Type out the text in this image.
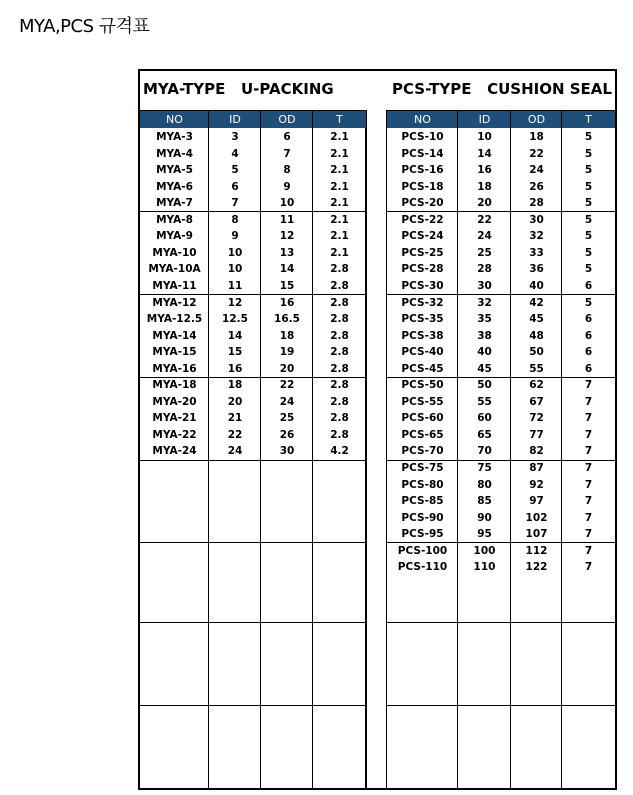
MYA,PCS 규격표
MYA-TYPE   U-PACKING	PCS-TYPE   CUSHION SEAL
NO	ID	OD	T
MYA-3	3	6	2.1
MYA-4	4	7	2.1
MYA-5	5	8	2.1
MYA-6	6	9	2.1
MYA-7	7	10	2.1
MYA-8	8	11	2.1
MYA-9	9	12	2.1
MYA-10	10	13	2.1
MYA-10A	10	14	2.8
MYA-11	11	15	2.8
MYA-12	12	16	2.8
MYA-12.5	12.5	16.5	2.8
MYA-14	14	18	2.8
MYA-15	15	19	2.8
MYA-16	16	20	2.8
MYA-18	18	22	2.8
MYA-20	20	24	2.8
MYA-21	21	25	2.8
MYA-22	22	26	2.8
MYA-24	24	30	4.2
NO	ID	OD	T
PCS-10	10	18	5
PCS-14	14	22	5
PCS-16	16	24	5
PCS-18	18	26	5
PCS-20	20	28	5
PCS-22	22	30	5
PCS-24	24	32	5
PCS-25	25	33	5
PCS-28	28	36	5
PCS-30	30	40	6
PCS-32	32	42	5
PCS-35	35	45	6
PCS-38	38	48	6
PCS-40	40	50	6
PCS-45	45	55	6
PCS-50	50	62	7
PCS-55	55	67	7
PCS-60	60	72	7
PCS-65	65	77	7
PCS-70	70	82	7
PCS-75	75	87	7
PCS-80	80	92	7
PCS-85	85	97	7
PCS-90	90	102	7
PCS-95	95	107	7
PCS-100	100	112	7
PCS-110	110	122	7
